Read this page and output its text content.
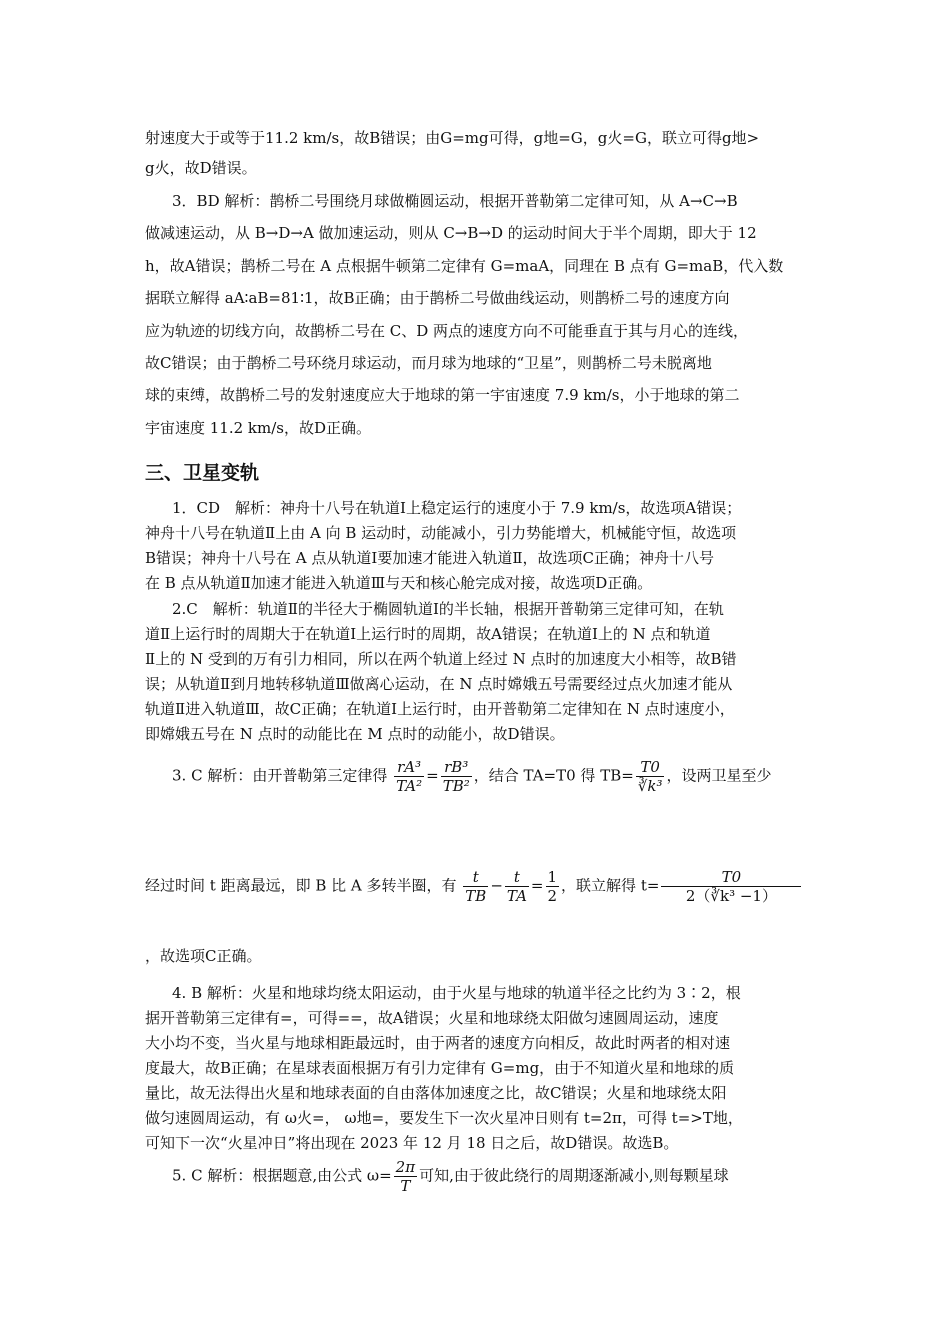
射速度大于或等于11.2 km/s，故B错误；由G=mg可得，g地=G，g火=G，联立可得g地>
g火，故D错误。
3．BD 解析：鹊桥二号围绕月球做椭圆运动，根据开普勒第二定律可知，从 A→C→B
做减速运动，从 B→D→A 做加速运动，则从 C→B→D 的运动时间大于半个周期，即大于 12
h，故A错误；鹊桥二号在 A 点根据牛顿第二定律有 G=maA，同理在 B 点有 G=maB，代入数
据联立解得 aA∶aB=81∶1，故B正确；由于鹊桥二号做曲线运动，则鹊桥二号的速度方向
应为轨迹的切线方向，故鹊桥二号在 C、D 两点的速度方向不可能垂直于其与月心的连线，
故C错误；由于鹊桥二号环绕月球运动，而月球为地球的“卫星”，则鹊桥二号未脱离地
球的束缚，故鹊桥二号的发射速度应大于地球的第一宇宙速度 7.9 km/s，小于地球的第二
宇宙速度 11.2 km/s，故D正确。
三、卫星变轨
1．CD　解析：神舟十八号在轨道Ⅰ上稳定运行的速度小于 7.9 km/s，故选项A错误；
神舟十八号在轨道Ⅱ上由 A 向 B 运动时，动能减小，引力势能增大，机械能守恒，故选项
B错误；神舟十八号在 A 点从轨道Ⅰ要加速才能进入轨道Ⅱ，故选项C正确；神舟十八号
在 B 点从轨道Ⅱ加速才能进入轨道Ⅲ与天和核心舱完成对接，故选项D正确。
2.C　解析：轨道Ⅱ的半径大于椭圆轨道Ⅰ的半长轴，根据开普勒第三定律可知，在轨
道Ⅱ上运行时的周期大于在轨道Ⅰ上运行时的周期，故A错误；在轨道Ⅰ上的 N 点和轨道
Ⅱ上的 N 受到的万有引力相同，所以在两个轨道上经过 N 点时的加速度大小相等，故B错
误；从轨道Ⅱ到月地转移轨道Ⅲ做离心运动，在 N 点时嫦娥五号需要经过点火加速才能从
轨道Ⅱ进入轨道Ⅲ，故C正确；在轨道Ⅰ上运行时，由开普勒第二定律知在 N 点时速度小，
即嫦娥五号在 N 点时的动能比在 M 点时的动能小，故D错误。
3. C 解析：由开普勒第三定律得 $\frac{\text{rA³}}{\text{TA²}} = \frac{\text{rB³}}{\text{TB²}}$ ，结合 TA=T0 得 $TB= \frac{T0}{\text{∛k³}}$ ，设两卫星至少
经过时间 t 距离最远，即 B 比 A 多转半圈，有 $\frac{t}{TB} - \frac{t}{TA} = \frac{1}{2}$ ，联立解得 $t= \frac{T0}{\text{2（∛k³ −1）}}$
，故选项C正确。
4. B 解析：火星和地球均绕太阳运动，由于火星与地球的轨道半径之比约为 3∶2，根
据开普勒第三定律有=，可得==，故A错误；火星和地球绕太阳做匀速圆周运动，速度
大小均不变，当火星与地球相距最远时，由于两者的速度方向相反，故此时两者的相对速
度最大，故B正确；在星球表面根据万有引力定律有 G=mg，由于不知道火星和地球的质
量比，故无法得出火星和地球表面的自由落体加速度之比，故C错误；火星和地球绕太阳
做匀速圆周运动，有 ω火=， ω地=，要发生下一次火星冲日则有 t=2π，可得 t=>T地，
可知下一次“火星冲日”将出现在 2023 年 12 月 18 日之后，故D错误。故选B。
5. C 解析：根据题意,由公式 $\omega= \frac{2\pi}{T}$ 可知,由于彼此绕行的周期逐渐减小,则每颗星球
